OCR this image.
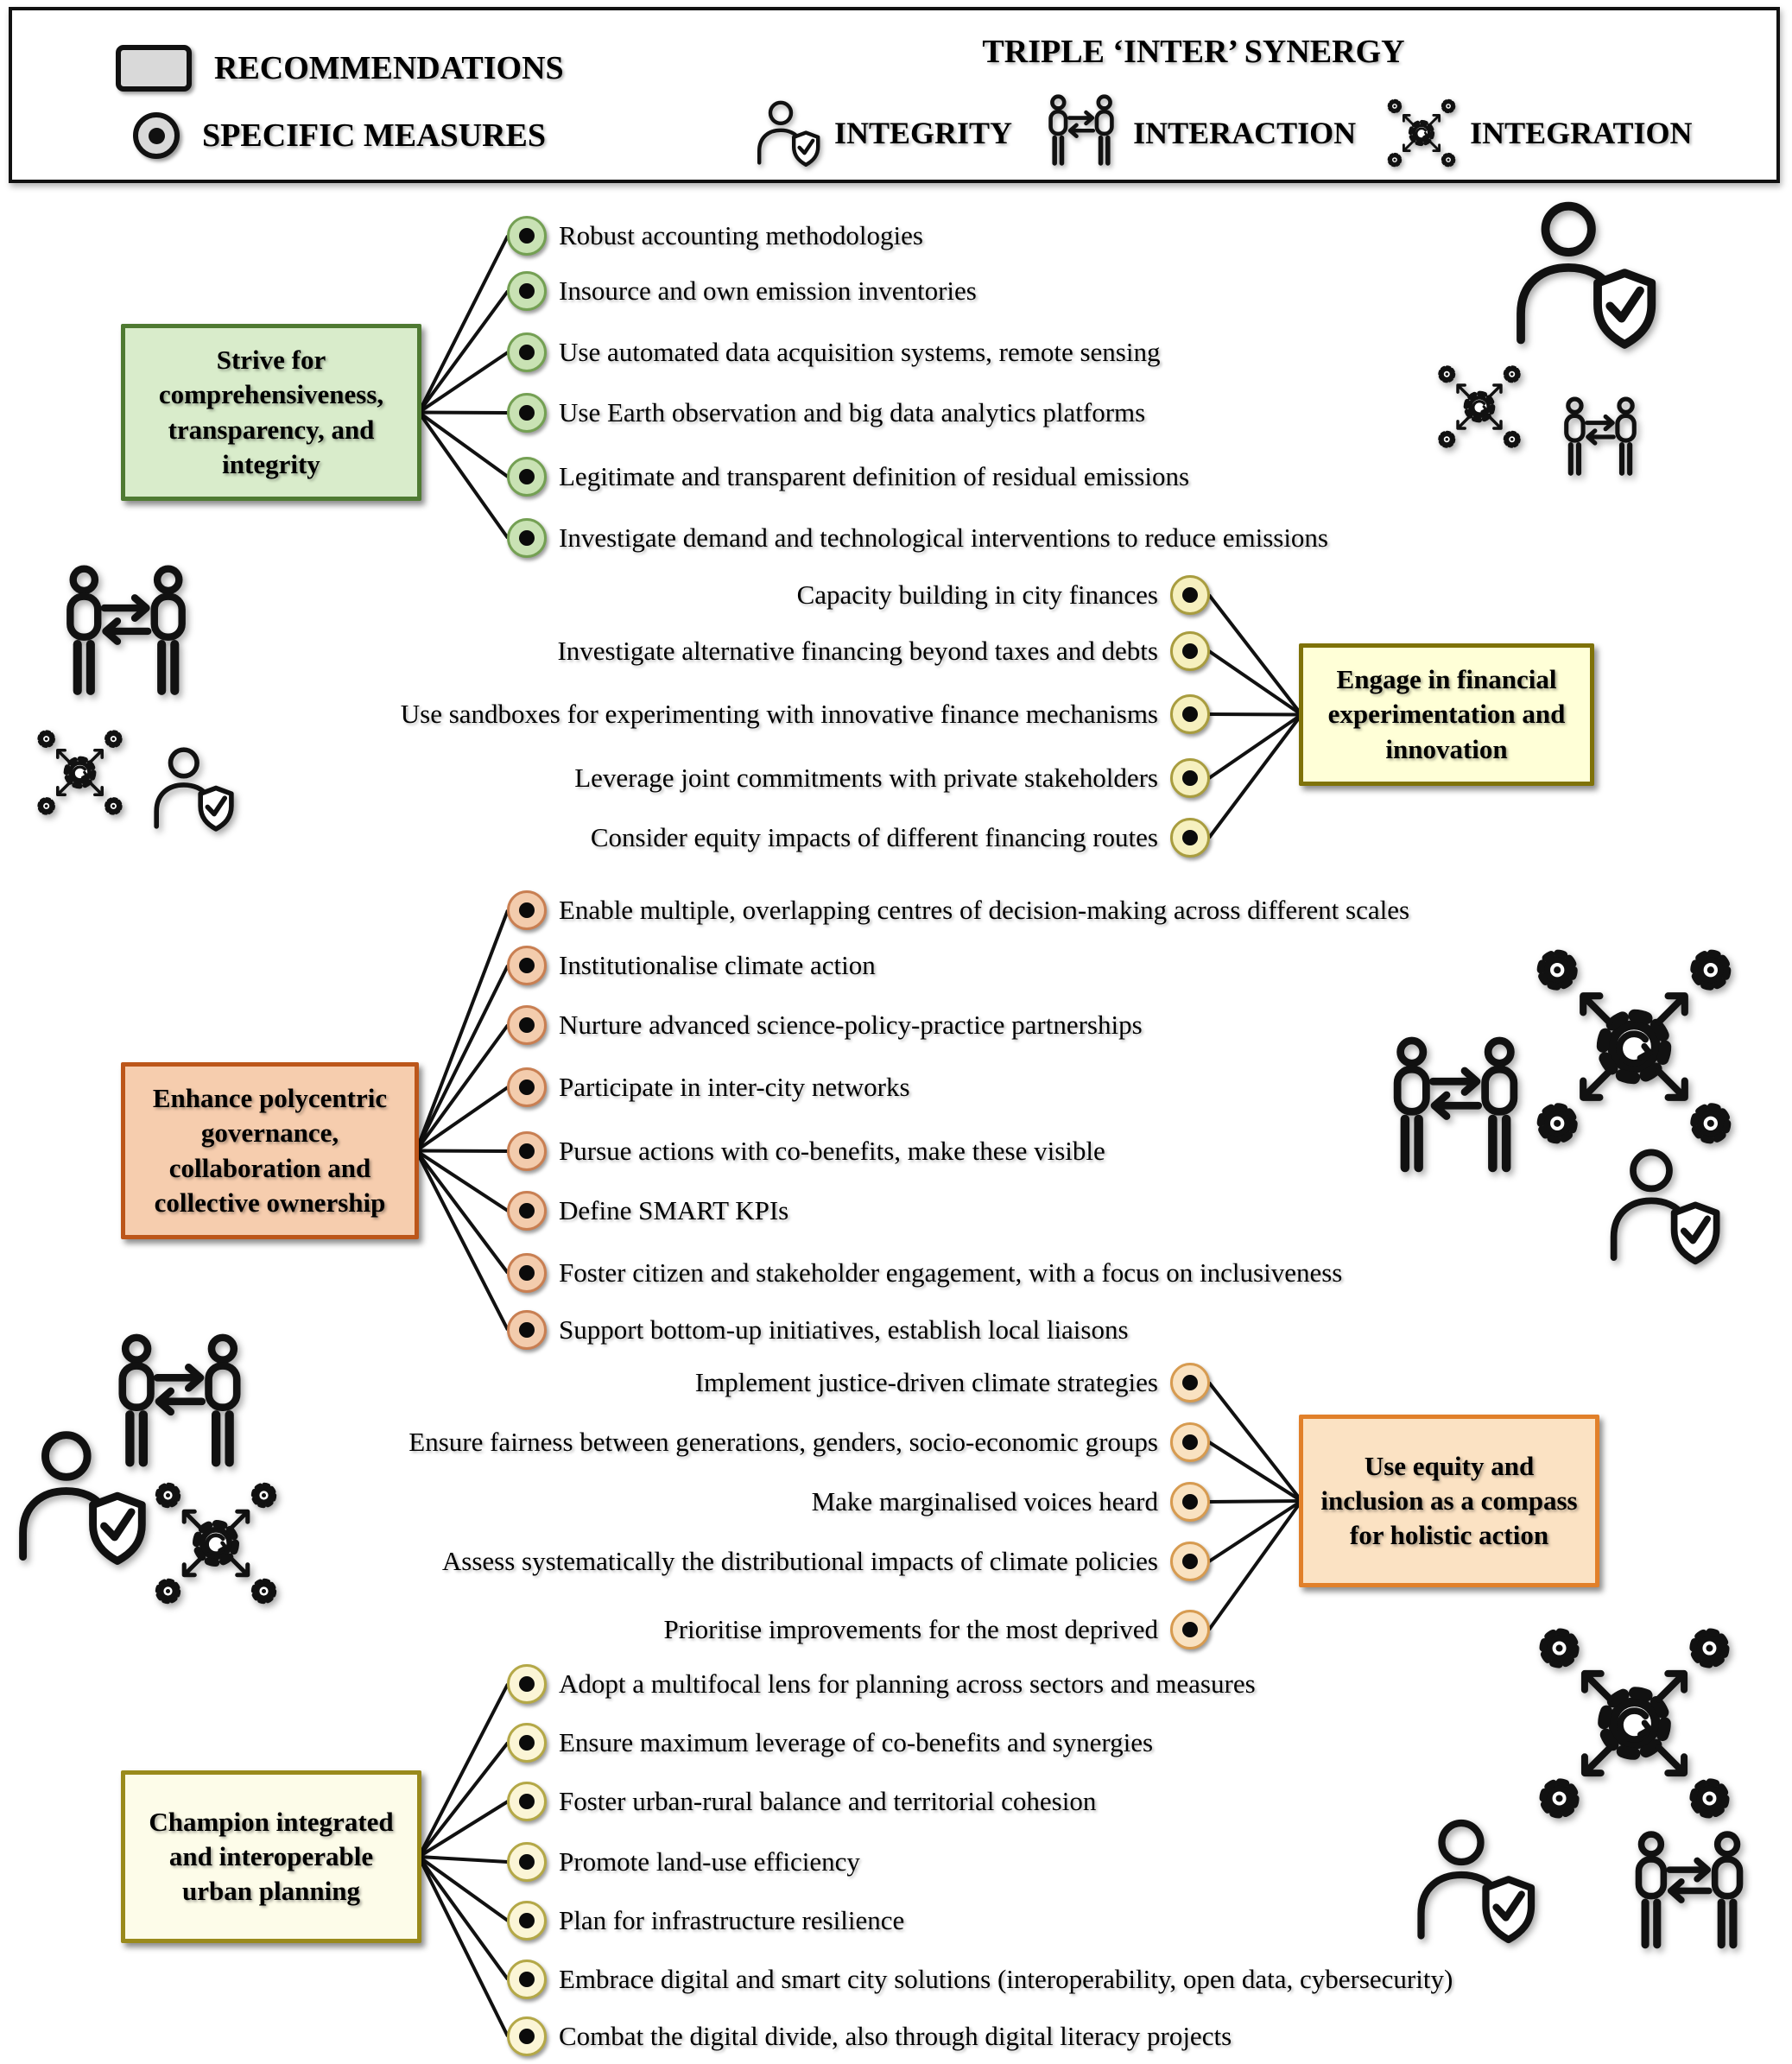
RECOMMENDATIONS
SPECIFIC MEASURES
TRIPLE ‘INTER’ SYNERGY
INTEGRITY	INTERACTION	INTEGRATION
Strive for comprehensiveness, transparency, and integrity
Robust accounting methodologies
Insource and own emission inventories
Use automated data acquisition systems, remote sensing
Use Earth observation and big data analytics platforms
Legitimate and transparent definition of residual emissions
Investigate demand and technological interventions to reduce emissions
Engage in financial experimentation and innovation
Capacity building in city finances
Investigate alternative financing beyond taxes and debts
Use sandboxes for experimenting with innovative finance mechanisms
Leverage joint commitments with private stakeholders
Consider equity impacts of different financing routes
Enhance polycentric governance, collaboration and collective ownership
Enable multiple, overlapping centres of decision-making across different scales
Institutionalise climate action
Nurture advanced science-policy-practice partnerships
Participate in inter-city networks
Pursue actions with co-benefits, make these visible
Define SMART KPIs
Foster citizen and stakeholder engagement, with a focus on inclusiveness
Support bottom-up initiatives, establish local liaisons
Use equity and inclusion as a compass for holistic action
Implement justice-driven climate strategies
Ensure fairness between generations, genders, socio-economic groups
Make marginalised voices heard
Assess systematically the distributional impacts of climate policies
Prioritise improvements for the most deprived
Champion integrated and interoperable urban planning
Adopt a multifocal lens for planning across sectors and measures
Ensure maximum leverage of co-benefits and synergies
Foster urban-rural balance and territorial cohesion
Promote land-use efficiency
Plan for infrastructure resilience
Embrace digital and smart city solutions (interoperability, open data, cybersecurity)
Combat the digital divide, also through digital literacy projects
